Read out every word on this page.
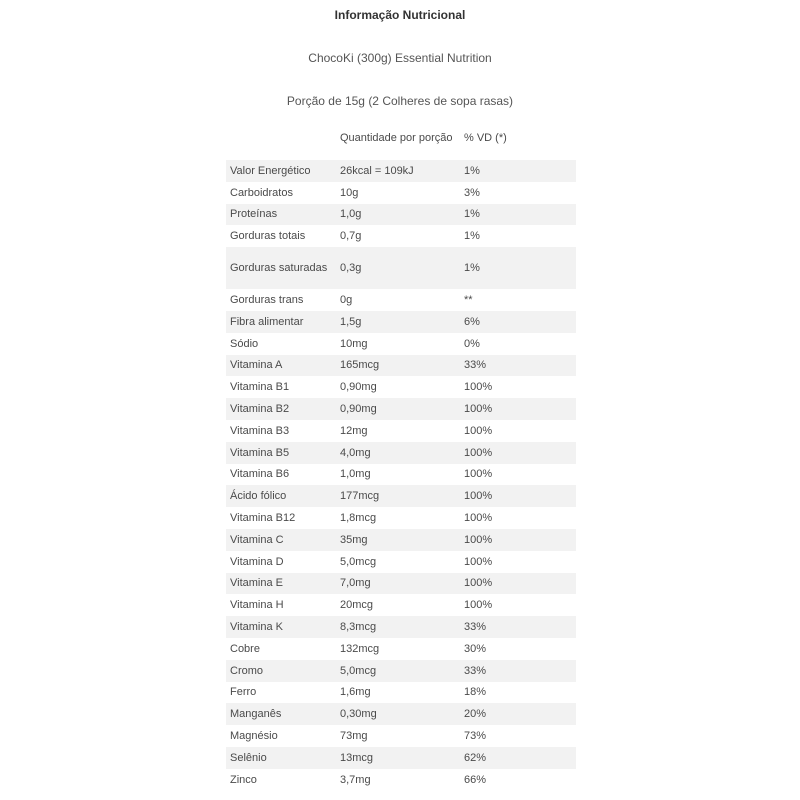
Informação Nutricional
ChocoKi (300g) Essential Nutrition
Porção de 15g (2 Colheres de sopa rasas)
	Quantidade por porção	% VD (*)
Valor Energético	26kcal = 109kJ	1%
Carboidratos	10g	3%
Proteínas	1,0g	1%
Gorduras totais	0,7g	1%
Gorduras saturadas	0,3g	1%
Gorduras trans	0g	**
Fibra alimentar	1,5g	6%
Sódio	10mg	0%
Vitamina A	165mcg	33%
Vitamina B1	0,90mg	100%
Vitamina B2	0,90mg	100%
Vitamina B3	12mg	100%
Vitamina B5	4,0mg	100%
Vitamina B6	1,0mg	100%
Ácido fólico	177mcg	100%
Vitamina B12	1,8mcg	100%
Vitamina C	35mg	100%
Vitamina D	5,0mcg	100%
Vitamina E	7,0mg	100%
Vitamina H	20mcg	100%
Vitamina K	8,3mcg	33%
Cobre	132mcg	30%
Cromo	5,0mcg	33%
Ferro	1,6mg	18%
Manganês	0,30mg	20%
Magnésio	73mg	73%
Selênio	13mcg	62%
Zinco	3,7mg	66%
